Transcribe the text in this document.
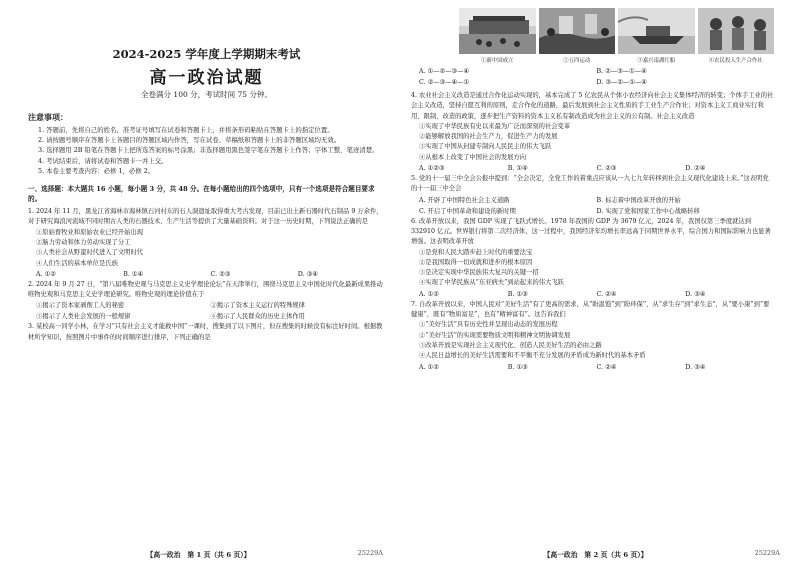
2024-2025 学年度上学期期末考试
高一政治试题
全卷满分 100 分，考试时间 75 分钟。
注意事项：

1. 答题前，先将自己的姓名、准考证号填写在试卷和答题卡上，并将条形码粘贴在答题卡上的指定位置。

2. 请按题号顺序在答题卡上各题目的答题区域内作答，写在试卷、草稿纸和答题卡上的非答题区域均无效。

3. 选择题用 2B 铅笔在答题卡上把所选答案的标号涂黑；非选择题用黑色签字笔在答题卡上作答；字体工整，笔迹清楚。

4. 考试结束后，请将试卷和答题卡一并上交。

5. 本卷主要考查内容：必修 1，必修 2。

一、选择题：本大题共 16 小题，每小题 3 分，共 48 分。在每小题给出的四个选项中，只有一个选项是符合题目要求的。

1. 2024 年 11 月，黑龙江省海林市海林镇石河村东的石人洞遗址取得重大考古发现，目前已出土新石器时代石制品 9 万余件，对于研究海浪河流域不同时期古人类的石器技术、生产生活等提供了大量基础资料。对于这一历史时期，下列说法正确的是

①原始畜牧业和原始农业已经开始出现

②脑力劳动和体力劳动实现了分工

③人类社会从野蛮时代进入了文明时代

④人们生活的基本单位是氏族

A. ①②	B. ①④	C. ②③	D. ③④

2. 2024 年 9 月 27 日，“第八届唯物史观与马克思主义史学理论论坛”在天津举行，围绕马克思主义中国化时代化最新成果推动唯物史观和马克思主义史学理论研究。唯物史观的理论价值在于

①揭示了资本家剥削工人的秘密	②揭示了资本主义运行的特殊规律
③揭示了人类社会发展的一般规律	④揭示了人民群众的历史主体作用

3. 某校高一同学小林，在学习“只有社会主义才能救中国”一课时，搜集到了以下图片，但在搜集的时候没有标注好时间。根据教材所学知识，按照图片中事件的时间顺序进行排序，下列正确的是

【高一政治　第 1 页（共 6 页）】	25229A
①新中国成立	②五四运动	③嘉兴南湖红船	④农民投入生产合作社
A. ①—②—③—④	B. ②—③—①—④
C. ②—③—④—①	D. ③—②—①—④

4. 农业社会主义改造是通过合作化运动实现的，基本完成了 5 亿农民从个体小农经济向社会主义集体经济的转变；个体手工业的社会主义改造，坚持自愿互利的原则，走合作化的道路，最后发展到社会主义性质的手工业生产合作社；对资本主义工商业实行利用、限制、改造的政策，逐步把生产资料的资本主义私有制改造成为社会主义的公有制。社会主义改造

①实现了中华民族有史以来最为广泛而深刻的社会变革

②能够解放我国的社会生产力，促进生产力的发展

③实现了中国从封建专制向人民民主的伟大飞跃

④从根本上改变了中国社会的发展方向

A. ①②③	B. ①④	C. ②③	D. ②④

5. 党的十一届三中全会公报中提到：“全会决定，全党工作的着重点应该从一九七九年转移到社会主义现代化建设上来。”这表明党的十一届三中全会

A. 开辟了中国特色社会主义道路	B. 标志着中国改革开放的开始
C. 开启了中国革命和建设的新时期	D. 实现了党和国家工作中心战略转移

6. 改革开放以来，我国 GDP 实现了飞跃式增长。1978 年我国的 GDP 为 3679 亿元，2024 年，我国仅第三季度就达到 332910 亿元。世界银行将第二次经济体，这一过程中，我国经济年均增长率远高于同期世界水平，综合国力和国际影响力也显著增强。这表明改革开放

①是党和人民大踏步赶上时代的重要法宝

②是我国取得一切成就和进步的根本原因

③是决定实现中华民族伟大复兴的关键一招

④实现了中华民族从“东亚病夫”到站起来的伟大飞跃

A. ①②	B. ①③	C. ②④	D. ③④

7. 自改革开放以来，中国人民对“美好生活”有了更高的需求，从“盼温饱”到“盼环保”、从“求生存”到“求生态”，从“要小康”到“要健康”，既有“物质富足”，也有“精神富有”。这告诉我们

①“美好生活”具有历史性并呈现出动态的发展历程

②“美好生活”的实现需要物质文明和精神文明协调发展

③改革开放是实现社会主义现代化、创造人民美好生活的必由之路

④人民日益增长的美好生活需要和不平衡不充分发展的矛盾成为新时代的基本矛盾

A. ①②	B. ①③	C. ②④	D. ③④
【高一政治　第 2 页（共 6 页）】	25229A
